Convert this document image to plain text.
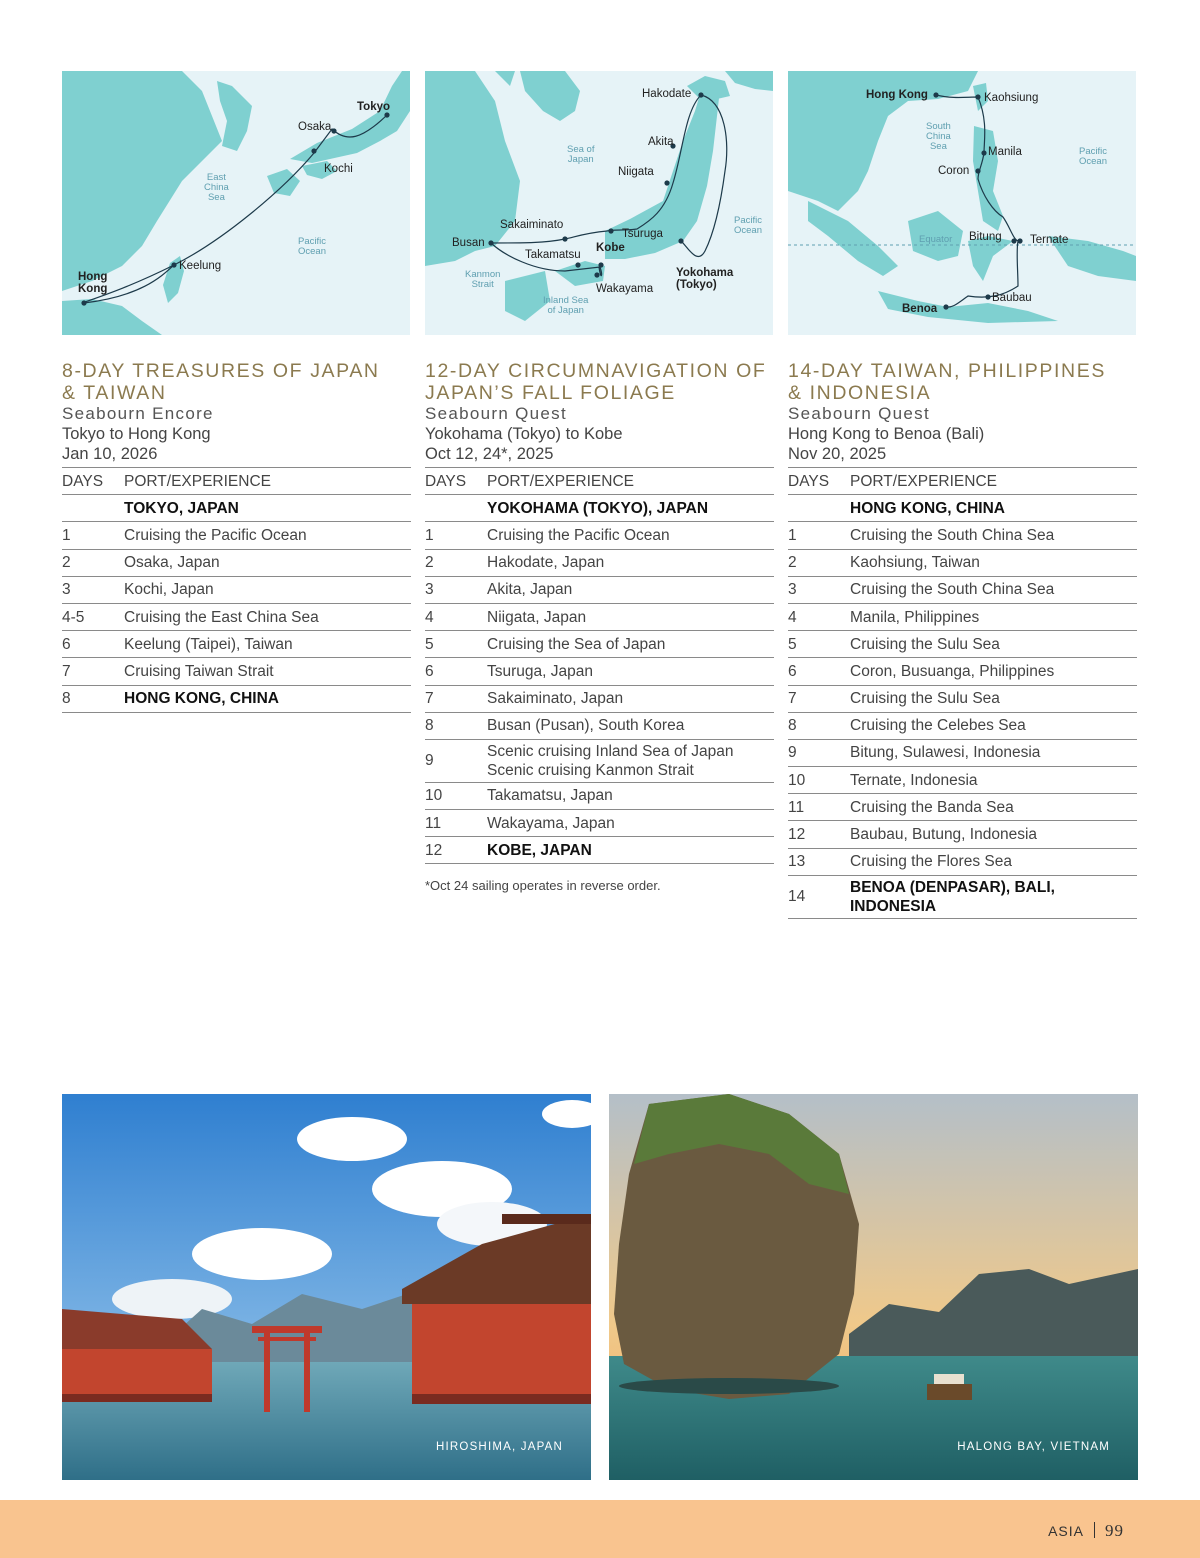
Tokyo
Osaka
Kochi
Keelung
Hong
Kong
East
China
Sea
Pacific
Ocean
Hakodate
Akita
Niigata
Tsuruga
Sakaiminato
Busan
Takamatsu
Kobe
Wakayama
Yokohama
(Tokyo)
Sea of
Japan
Pacific
Ocean
Kanmon
Strait
Inland Sea
of Japan
Hong Kong	Kaohsiung
Manila
Coron
Bitung Ternate
Baubau
Benoa
South
China
Sea	Pacific
Ocean
Equator
8-DAY TREASURES OF JAPAN
& TAIWAN
Seabourn Encore
Tokyo to Hong Kong
Jan 10, 2026
DAYS	PORT/EXPERIENCE
	TOKYO, JAPAN
1	Cruising the Pacific Ocean
2	Osaka, Japan
3	Kochi, Japan
4-5	Cruising the East China Sea
6	Keelung (Taipei), Taiwan
7	Cruising Taiwan Strait
8	HONG KONG, CHINA
12-DAY CIRCUMNAVIGATION OF
JAPAN’S FALL FOLIAGE
Seabourn Quest
Yokohama (Tokyo) to Kobe
Oct 12, 24*, 2025
DAYS	PORT/EXPERIENCE
	YOKOHAMA (TOKYO), JAPAN
1	Cruising the Pacific Ocean
2	Hakodate, Japan
3	Akita, Japan
4	Niigata, Japan
5	Cruising the Sea of Japan
6	Tsuruga, Japan
7	Sakaiminato, Japan
8	Busan (Pusan), South Korea
9	Scenic cruising Inland Sea of Japan
Scenic cruising Kanmon Strait
10	Takamatsu, Japan
11	Wakayama, Japan
12	KOBE, JAPAN
*Oct 24 sailing operates in reverse order.
14-DAY TAIWAN, PHILIPPINES
& INDONESIA
Seabourn Quest
Hong Kong to Benoa (Bali)
Nov 20, 2025
DAYS	PORT/EXPERIENCE
	HONG KONG, CHINA
1	Cruising the South China Sea
2	Kaohsiung, Taiwan
3	Cruising the South China Sea
4	Manila, Philippines
5	Cruising the Sulu Sea
6	Coron, Busuanga, Philippines
7	Cruising the Sulu Sea
8	Cruising the Celebes Sea
9	Bitung, Sulawesi, Indonesia
10	Ternate, Indonesia
11	Cruising the Banda Sea
12	Baubau, Butung, Indonesia
13	Cruising the Flores Sea
14	BENOA (DENPASAR), BALI, INDONESIA
HIROSHIMA, JAPAN	HALONG BAY, VIETNAM
ASIA 99
